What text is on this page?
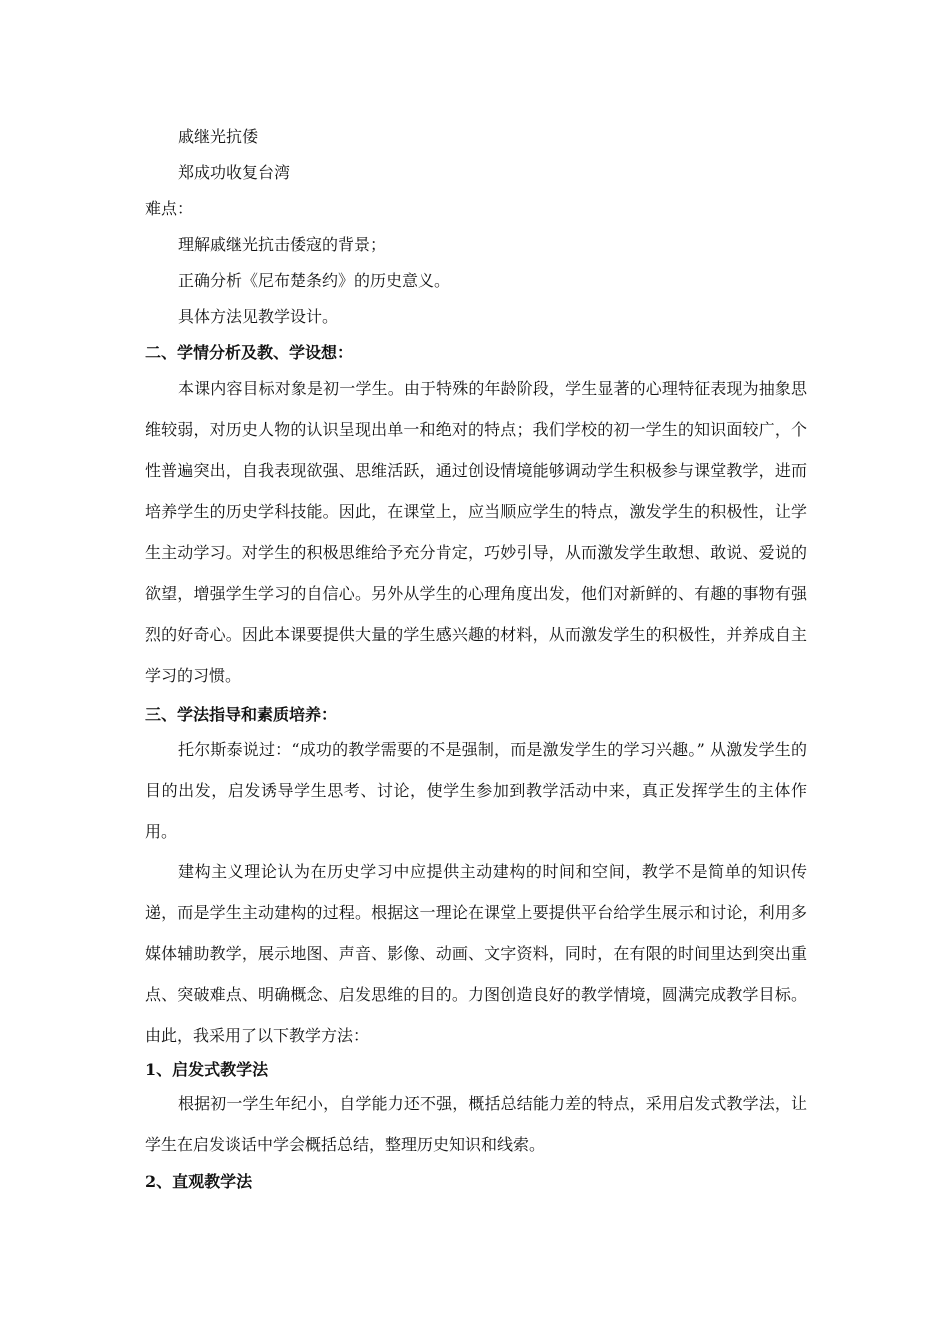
戚继光抗倭
郑成功收复台湾
难点：
理解戚继光抗击倭寇的背景；
正确分析《尼布楚条约》的历史意义。
具体方法见教学设计。
二、学情分析及教、学设想：
本课内容目标对象是初一学生。由于特殊的年龄阶段，学生显著的心理特征表现为抽象思维较弱，对历史人物的认识呈现出单一和绝对的特点；我们学校的初一学生的知识面较广，个性普遍突出，自我表现欲强、思维活跃，通过创设情境能够调动学生积极参与课堂教学，进而培养学生的历史学科技能。因此，在课堂上，应当顺应学生的特点，激发学生的积极性，让学生主动学习。对学生的积极思维给予充分肯定，巧妙引导，从而激发学生敢想、敢说、爱说的欲望，增强学生学习的自信心。另外从学生的心理角度出发，他们对新鲜的、有趣的事物有强烈的好奇心。因此本课要提供大量的学生感兴趣的材料，从而激发学生的积极性，并养成自主学习的习惯。
三、学法指导和素质培养：
托尔斯泰说过：“成功的教学需要的不是强制，而是激发学生的学习兴趣。” 从激发学生的目的出发，启发诱导学生思考、讨论，使学生参加到教学活动中来，真正发挥学生的主体作用。
建构主义理论认为在历史学习中应提供主动建构的时间和空间，教学不是简单的知识传递，而是学生主动建构的过程。根据这一理论在课堂上要提供平台给学生展示和讨论，利用多媒体辅助教学，展示地图、声音、影像、动画、文字资料，同时，在有限的时间里达到突出重点、突破难点、明确概念、启发思维的目的。力图创造良好的教学情境，圆满完成教学目标。由此，我采用了以下教学方法：
1、启发式教学法
根据初一学生年纪小，自学能力还不强，概括总结能力差的特点，采用启发式教学法，让学生在启发谈话中学会概括总结，整理历史知识和线索。
2、直观教学法
